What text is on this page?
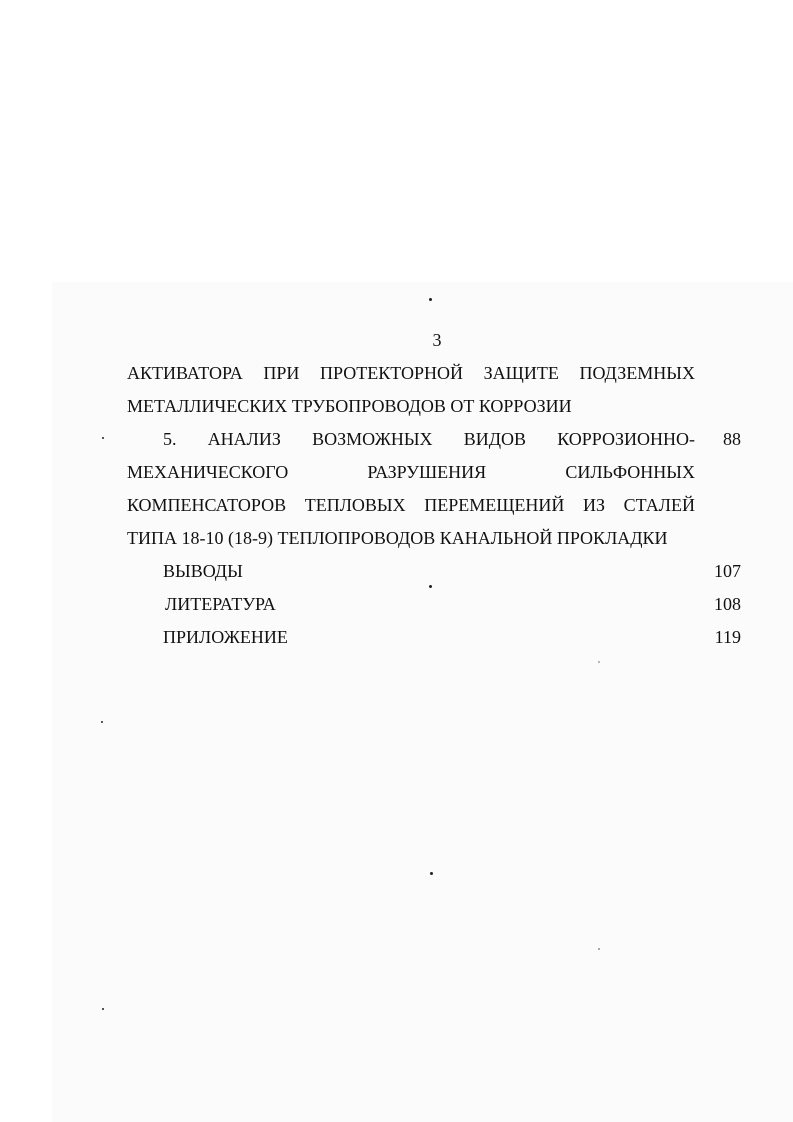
3
АКТИВАТОРА ПРИ ПРОТЕКТОРНОЙ ЗАЩИТЕ ПОДЗЕМНЫХ
МЕТАЛЛИЧЕСКИХ ТРУБОПРОВОДОВ ОТ КОРРОЗИИ
5. АНАЛИЗ ВОЗМОЖНЫХ ВИДОВ КОРРОЗИОННО- 88
МЕХАНИЧЕСКОГО	РАЗРУШЕНИЯ	СИЛЬФОННЫХ
КОМПЕНСАТОРОВ ТЕПЛОВЫХ ПЕРЕМЕЩЕНИЙ ИЗ СТАЛЕЙ
ТИПА 18-10 (18-9) ТЕПЛОПРОВОДОВ КАНАЛЬНОЙ ПРОКЛАДКИ
ВЫВОДЫ	107
ЛИТЕРАТУРА	108
ПРИЛОЖЕНИЕ	119
